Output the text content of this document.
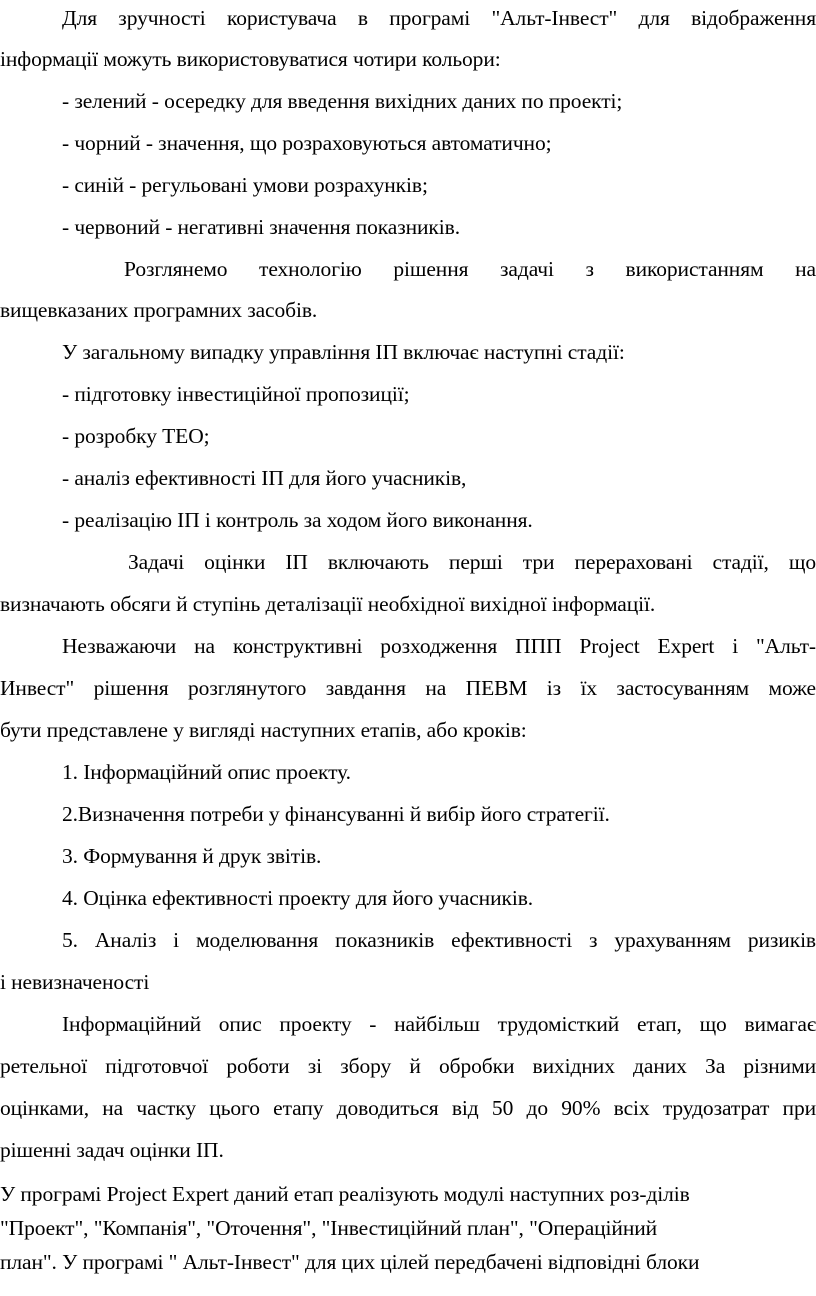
Для зручності користувача в програмі "Альт-Інвест" для відображення
інформації можуть використовуватися чотири кольори:
- зелений - осередку для введення вихідних даних по проекті;
- чорний - значення, що розраховуються автоматично;
- синій - регульовані умови розрахунків;
- червоний - негативні значення показників.
Розглянемо технологію рішення задачі з використанням на
вищевказаних програмних засобів.
У загальному випадку управління ІП включає наступні стадії:
- підготовку інвестиційної пропозиції;
- розробку ТЕО;
- аналіз ефективності ІП для його учасників,
- реалізацію ІП і контроль за ходом його виконання.
Задачі оцінки ІП включають перші три перераховані стадії, що
визначають обсяги й ступінь деталізації необхідної вихідної інформації.
Незважаючи на конструктивні розходження ППП Project Expert і "Альт-
Инвест" рішення розглянутого завдання на ПЕВМ із їх застосуванням може
бути представлене у вигляді наступних етапів, або кроків:
1. Інформаційний опис проекту.
2.Визначення потреби у фінансуванні й вибір його стратегії.
3. Формування й друк звітів.
4. Оцінка ефективності проекту для його учасників.
5. Аналіз і моделювання показників ефективності з урахуванням ризиків
і невизначеності
Інформаційний опис проекту - найбільш трудомісткий етап, що вимагає
ретельної підготовчої роботи зі збору й обробки вихідних даних За різними
оцінками, на частку цього етапу доводиться від 50 до 90% всіх трудозатрат при
рішенні задач оцінки ІП.
У програмі Project Expert даний етап реалізують модулі наступних роз-ділів
"Проект", "Компанія", "Оточення", "Інвестиційний план", "Операційний
план". У програмі " Альт-Інвест" для цих цілей передбачені відповідні блоки
